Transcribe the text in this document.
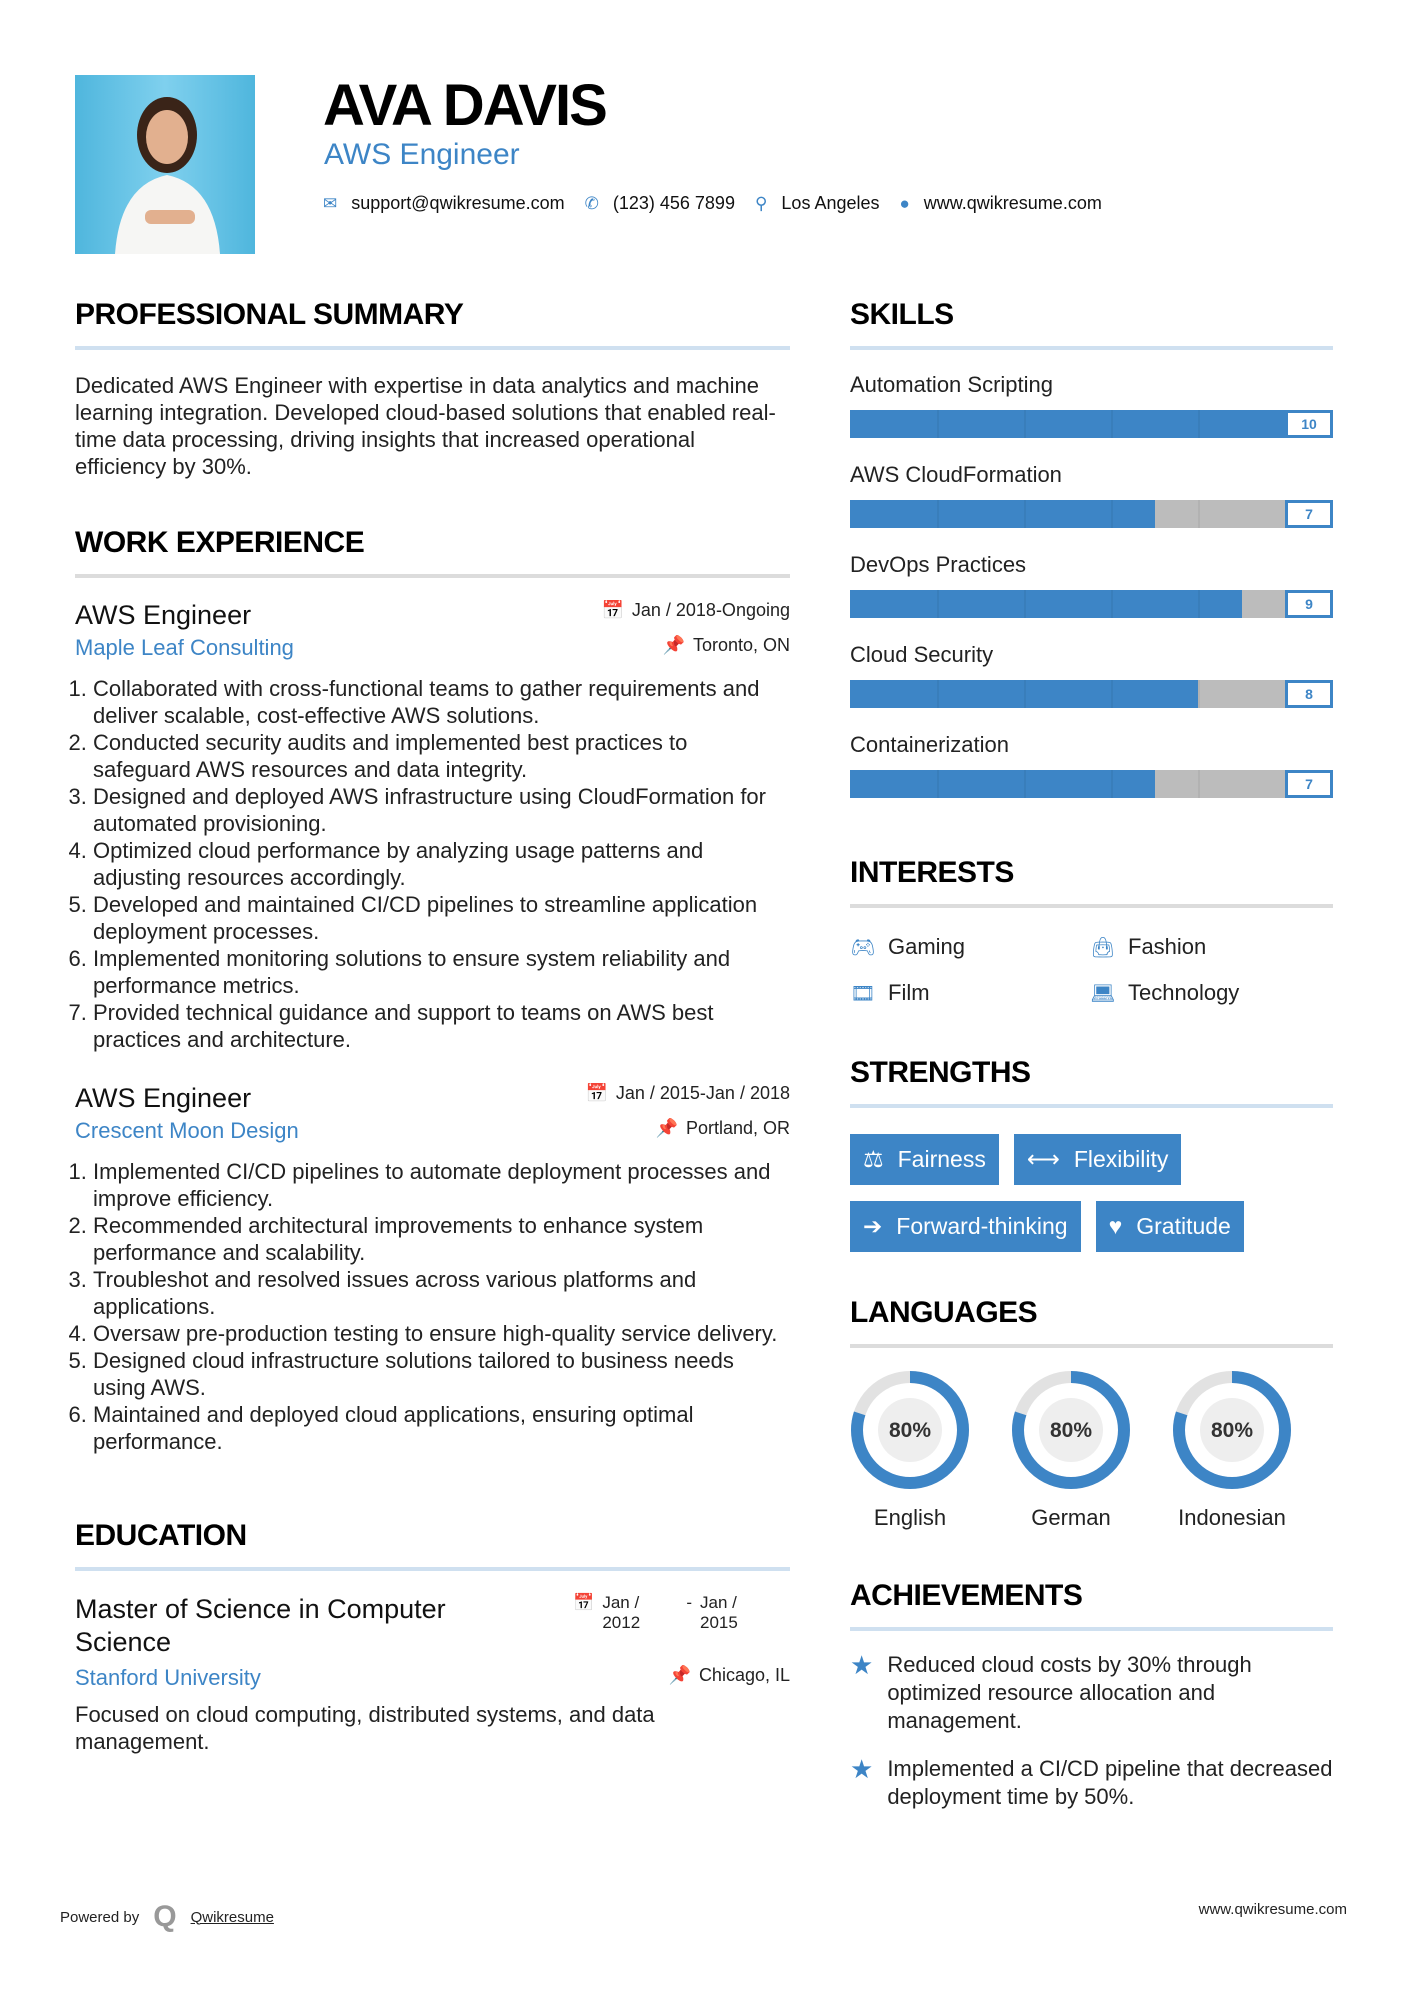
AVA DAVIS
AWS Engineer
✉ support@qwikresume.com ✆ (123) 456 7899 ⚲ Los Angeles ● www.qwikresume.com
PROFESSIONAL SUMMARY

Dedicated AWS Engineer with expertise in data analytics and machine learning integration. Developed cloud-based solutions that enabled real-time data processing, driving insights that increased operational efficiency by 30%.

WORK EXPERIENCE
AWS Engineer	📅 Jan / 2018-Ongoing
Maple Leaf Consulting	📌 Toronto, ON
1. Collaborated with cross-functional teams to gather requirements and deliver scalable, cost-effective AWS solutions.
2. Conducted security audits and implemented best practices to safeguard AWS resources and data integrity.
3. Designed and deployed AWS infrastructure using CloudFormation for automated provisioning.
4. Optimized cloud performance by analyzing usage patterns and adjusting resources accordingly.
5. Developed and maintained CI/CD pipelines to streamline application deployment processes.
6. Implemented monitoring solutions to ensure system reliability and performance metrics.
7. Provided technical guidance and support to teams on AWS best practices and architecture.
AWS Engineer	📅 Jan / 2015-Jan / 2018
Crescent Moon Design	📌 Portland, OR
1. Implemented CI/CD pipelines to automate deployment processes and improve efficiency.
2. Recommended architectural improvements to enhance system performance and scalability.
3. Troubleshot and resolved issues across various platforms and applications.
4. Oversaw pre-production testing to ensure high-quality service delivery.
5. Designed cloud infrastructure solutions tailored to business needs using AWS.
6. Maintained and deployed cloud applications, ensuring optimal performance.
EDUCATION
Master of Science in Computer Science
📅 Jan / 2012
- Jan / 2015
Stanford University	📌 Chicago, IL

Focused on cloud computing, distributed systems, and data management.

SKILLS
Automation Scripting
10
AWS CloudFormation
7
DevOps Practices
9
Cloud Security
8
Containerization
7
INTERESTS
🎮︎ Gaming	👜︎ Fashion
🎞︎ Film	💻︎ Technology
STRENGTHS
⚖ Fairness ⟷ Flexibility
➔ Forward-thinking ♥ Gratitude
LANGUAGES
80%
English
80%
German
80%
Indonesian
ACHIEVEMENTS
★ Reduced cloud costs by 30% through optimized resource allocation and management.
★ Implemented a CI/CD pipeline that decreased deployment time by 50%.
Powered by Q Qwikresume	www.qwikresume.com
